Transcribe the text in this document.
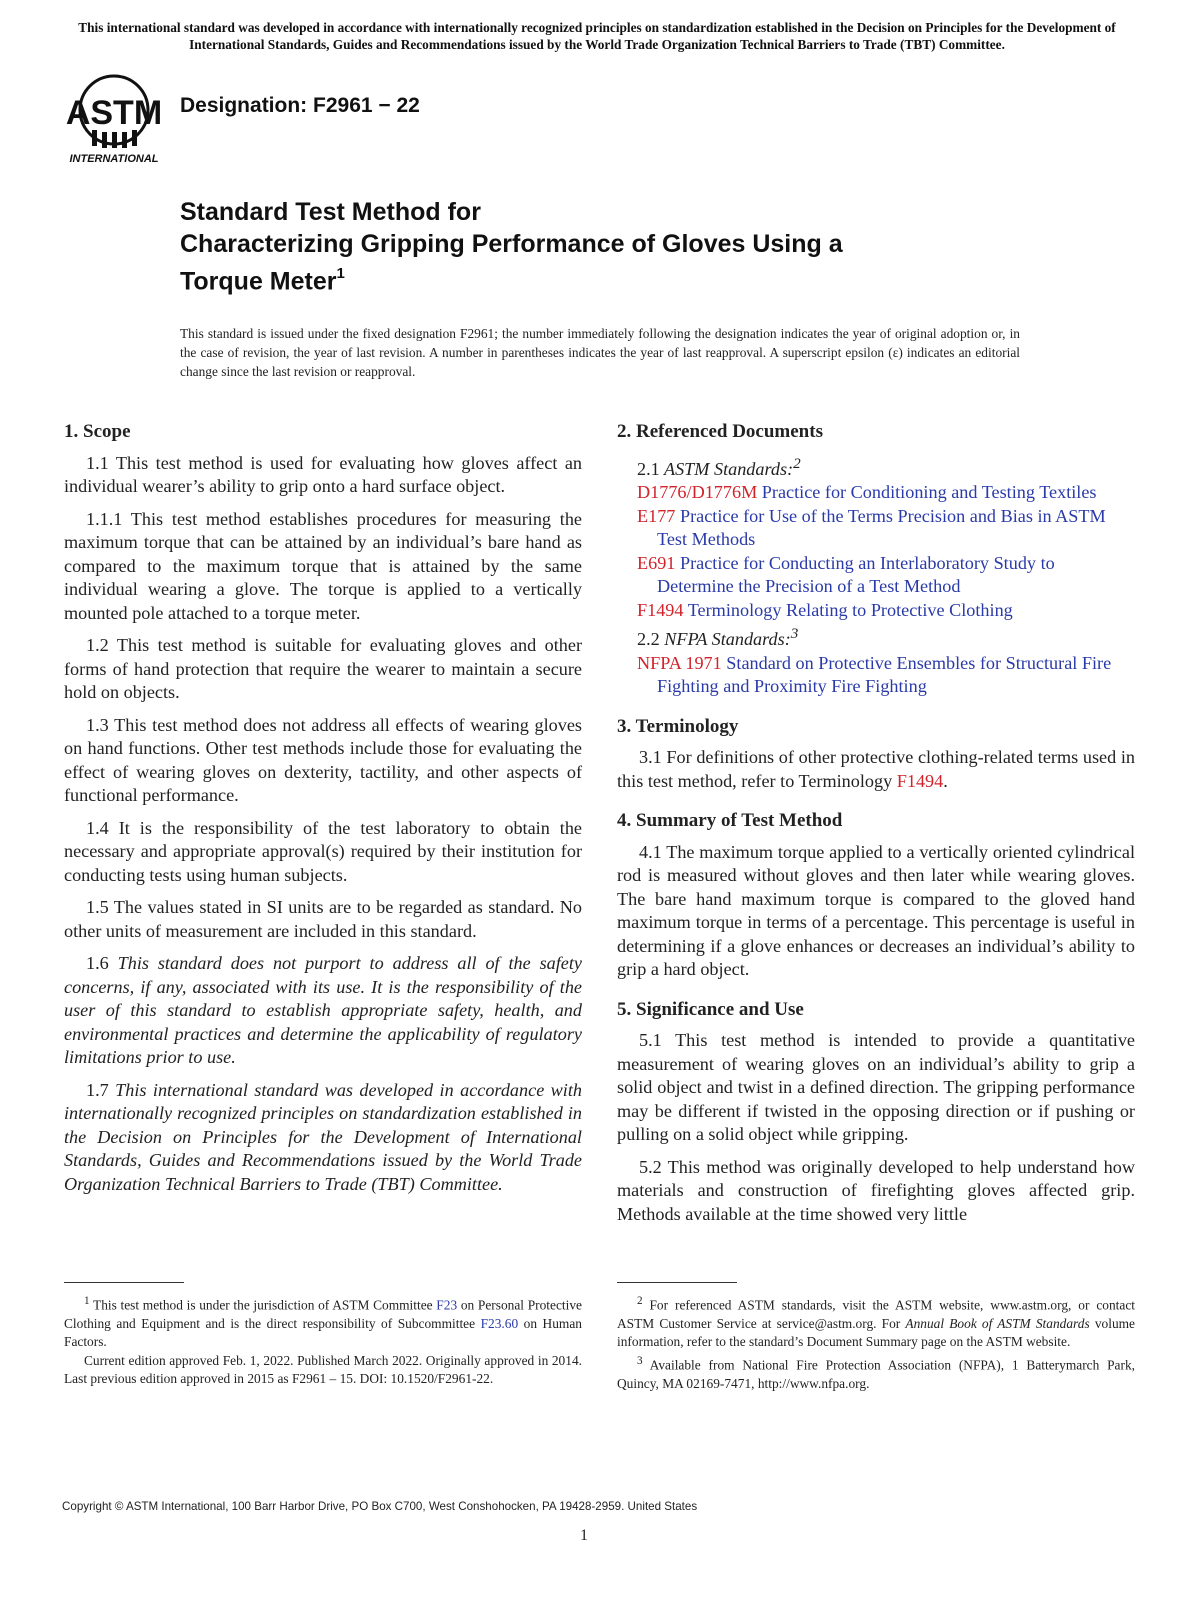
This international standard was developed in accordance with internationally recognized principles on standardization established in the Decision on Principles for the Development of International Standards, Guides and Recommendations issued by the World Trade Organization Technical Barriers to Trade (TBT) Committee.
ASTM
INTERNATIONAL
Designation: F2961 − 22
Standard Test Method for
Characterizing Gripping Performance of Gloves Using a
Torque Meter$^1$
This standard is issued under the fixed designation F2961; the number immediately following the designation indicates the year of original adoption or, in the case of revision, the year of last revision. A number in parentheses indicates the year of last reapproval. A superscript epsilon (ε) indicates an editorial change since the last revision or reapproval.
1. Scope
1.1 This test method is used for evaluating how gloves affect an individual wearer’s ability to grip onto a hard surface object.
1.1.1 This test method establishes procedures for measuring the maximum torque that can be attained by an individual’s bare hand as compared to the maximum torque that is attained by the same individual wearing a glove. The torque is applied to a vertically mounted pole attached to a torque meter.
1.2 This test method is suitable for evaluating gloves and other forms of hand protection that require the wearer to maintain a secure hold on objects.
1.3 This test method does not address all effects of wearing gloves on hand functions. Other test methods include those for evaluating the effect of wearing gloves on dexterity, tactility, and other aspects of functional performance.
1.4 It is the responsibility of the test laboratory to obtain the necessary and appropriate approval(s) required by their institution for conducting tests using human subjects.
1.5 The values stated in SI units are to be regarded as standard. No other units of measurement are included in this standard.
1.6 This standard does not purport to address all of the safety concerns, if any, associated with its use. It is the responsibility of the user of this standard to establish appropriate safety, health, and environmental practices and determine the applicability of regulatory limitations prior to use.
1.7 This international standard was developed in accordance with internationally recognized principles on standardization established in the Decision on Principles for the Development of International Standards, Guides and Recommendations issued by the World Trade Organization Technical Barriers to Trade (TBT) Committee.
2. Referenced Documents
2.1 ASTM Standards:$^2$
D1776/D1776M Practice for Conditioning and Testing Textiles
E177 Practice for Use of the Terms Precision and Bias in ASTM Test Methods
E691 Practice for Conducting an Interlaboratory Study to Determine the Precision of a Test Method
F1494 Terminology Relating to Protective Clothing
2.2 NFPA Standards:$^3$
NFPA 1971 Standard on Protective Ensembles for Structural Fire Fighting and Proximity Fire Fighting
3. Terminology
3.1 For definitions of other protective clothing-related terms used in this test method, refer to Terminology F1494.
4. Summary of Test Method
4.1 The maximum torque applied to a vertically oriented cylindrical rod is measured without gloves and then later while wearing gloves. The bare hand maximum torque is compared to the gloved hand maximum torque in terms of a percentage. This percentage is useful in determining if a glove enhances or decreases an individual’s ability to grip a hard object.
5. Significance and Use
5.1 This test method is intended to provide a quantitative measurement of wearing gloves on an individual’s ability to grip a solid object and twist in a defined direction. The gripping performance may be different if twisted in the opposing direction or if pushing or pulling on a solid object while gripping.
5.2 This method was originally developed to help understand how materials and construction of firefighting gloves affected grip. Methods available at the time showed very little

$^1$ This test method is under the jurisdiction of ASTM Committee F23 on Personal Protective Clothing and Equipment and is the direct responsibility of Subcommittee F23.60 on Human Factors.

Current edition approved Feb. 1, 2022. Published March 2022. Originally approved in 2014. Last previous edition approved in 2015 as F2961 – 15. DOI: 10.1520/F2961-22.

$^2$ For referenced ASTM standards, visit the ASTM website, www.astm.org, or contact ASTM Customer Service at service@astm.org. For Annual Book of ASTM Standards volume information, refer to the standard’s Document Summary page on the ASTM website.

$^3$ Available from National Fire Protection Association (NFPA), 1 Batterymarch Park, Quincy, MA 02169-7471, http://www.nfpa.org.

Copyright © ASTM International, 100 Barr Harbor Drive, PO Box C700, West Conshohocken, PA 19428-2959. United States
1
